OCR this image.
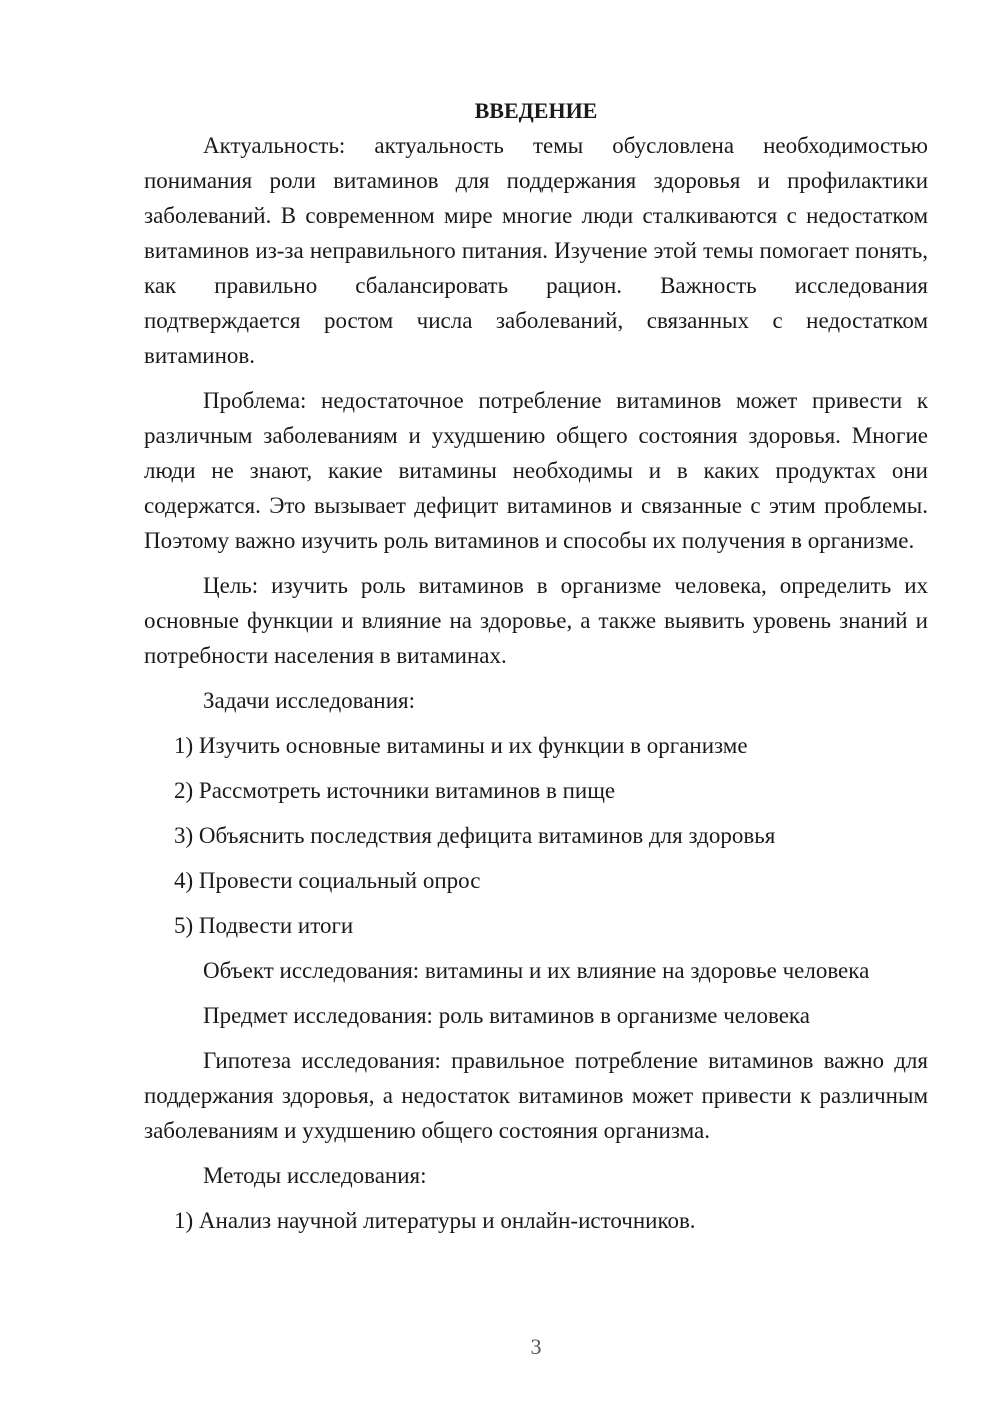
ВВЕДЕНИЕ

Актуальность: актуальность темы обусловлена необходимостью понимания роли витаминов для поддержания здоровья и профилактики заболеваний. В современном мире многие люди сталкиваются с недостатком витаминов из-за неправильного питания. Изучение этой темы помогает понять, как правильно сбалансировать рацион. Важность исследования подтверждается ростом числа заболеваний, связанных с недостатком витаминов.

Проблема: недостаточное потребление витаминов может привести к различным заболеваниям и ухудшению общего состояния здоровья. Многие люди не знают, какие витамины необходимы и в каких продуктах они содержатся. Это вызывает дефицит витаминов и связанные с этим проблемы. Поэтому важно изучить роль витаминов и способы их получения в организме.

Цель: изучить роль витаминов в организме человека, определить их основные функции и влияние на здоровье, а также выявить уровень знаний и потребности населения в витаминах.

Задачи исследования:

1) Изучить основные витамины и их функции в организме
2) Рассмотреть источники витаминов в пище
3) Объяснить последствия дефицита витаминов для здоровья
4) Провести социальный опрос
5) Подвести итоги

Объект исследования: витамины и их влияние на здоровье человека

Предмет исследования: роль витаминов в организме человека

Гипотеза исследования: правильное потребление витаминов важно для поддержания здоровья, а недостаток витаминов может привести к различным заболеваниям и ухудшению общего состояния организма.

Методы исследования:

1) Анализ научной литературы и онлайн-источников.
3
